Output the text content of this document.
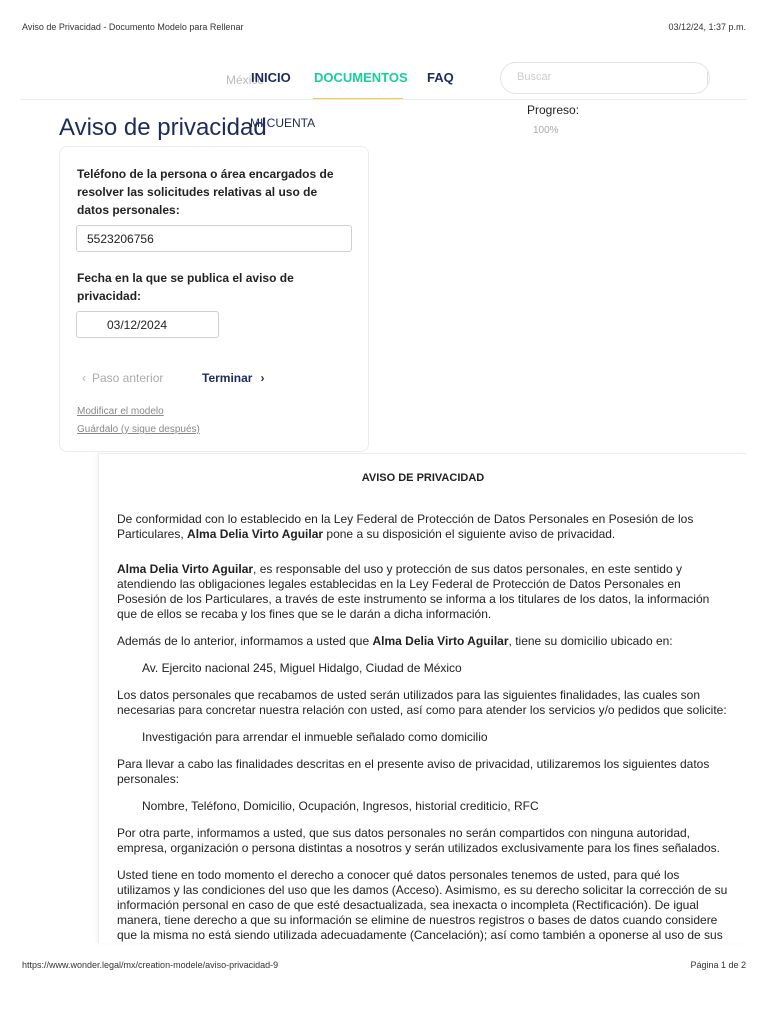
Aviso de Privacidad - Documento Modelo para Rellenar	03/12/24, 1:37 p.m.
México
INICIO DOCUMENTOS FAQ	Buscar
Aviso de privacidad
MI CUENTA
Progreso:
100%
Teléfono de la persona o área encargados de resolver las solicitudes relativas al uso de datos personales:
5523206756
Fecha en la que se publica el aviso de privacidad:
03/12/2024
‹ Paso anterior	Terminar ›
Modificar el modelo
Guárdalo (y sigue después)
AVISO DE PRIVACIDAD

De conformidad con lo establecido en la Ley Federal de Protección de Datos Personales en Posesión de los Particulares, Alma Delia Virto Aguilar pone a su disposición el siguiente aviso de privacidad.

Alma Delia Virto Aguilar, es responsable del uso y protección de sus datos personales, en este sentido y atendiendo las obligaciones legales establecidas en la Ley Federal de Protección de Datos Personales en Posesión de los Particulares, a través de este instrumento se informa a los titulares de los datos, la información que de ellos se recaba y los fines que se le darán a dicha información.

Además de lo anterior, informamos a usted que Alma Delia Virto Aguilar, tiene su domicilio ubicado en:

Av. Ejercito nacional 245, Miguel Hidalgo, Ciudad de México

Los datos personales que recabamos de usted serán utilizados para las siguientes finalidades, las cuales son necesarias para concretar nuestra relación con usted, así como para atender los servicios y/o pedidos que solicite:

Investigación para arrendar el inmueble señalado como domicilio

Para llevar a cabo las finalidades descritas en el presente aviso de privacidad, utilizaremos los siguientes datos personales:

Nombre, Teléfono, Domicilio, Ocupación, Ingresos, historial crediticio, RFC

Por otra parte, informamos a usted, que sus datos personales no serán compartidos con ninguna autoridad, empresa, organización o persona distintas a nosotros y serán utilizados exclusivamente para los fines señalados.

Usted tiene en todo momento el derecho a conocer qué datos personales tenemos de usted, para qué los utilizamos y las condiciones del uso que les damos (Acceso). Asimismo, es su derecho solicitar la corrección de su información personal en caso de que esté desactualizada, sea inexacta o incompleta (Rectificación). De igual manera, tiene derecho a que su información se elimine de nuestros registros o bases de datos cuando considere que la misma no está siendo utilizada adecuadamente (Cancelación); así como también a oponerse al uso de sus

https://www.wonder.legal/mx/creation-modele/aviso-privacidad-9	Página 1 de 2
